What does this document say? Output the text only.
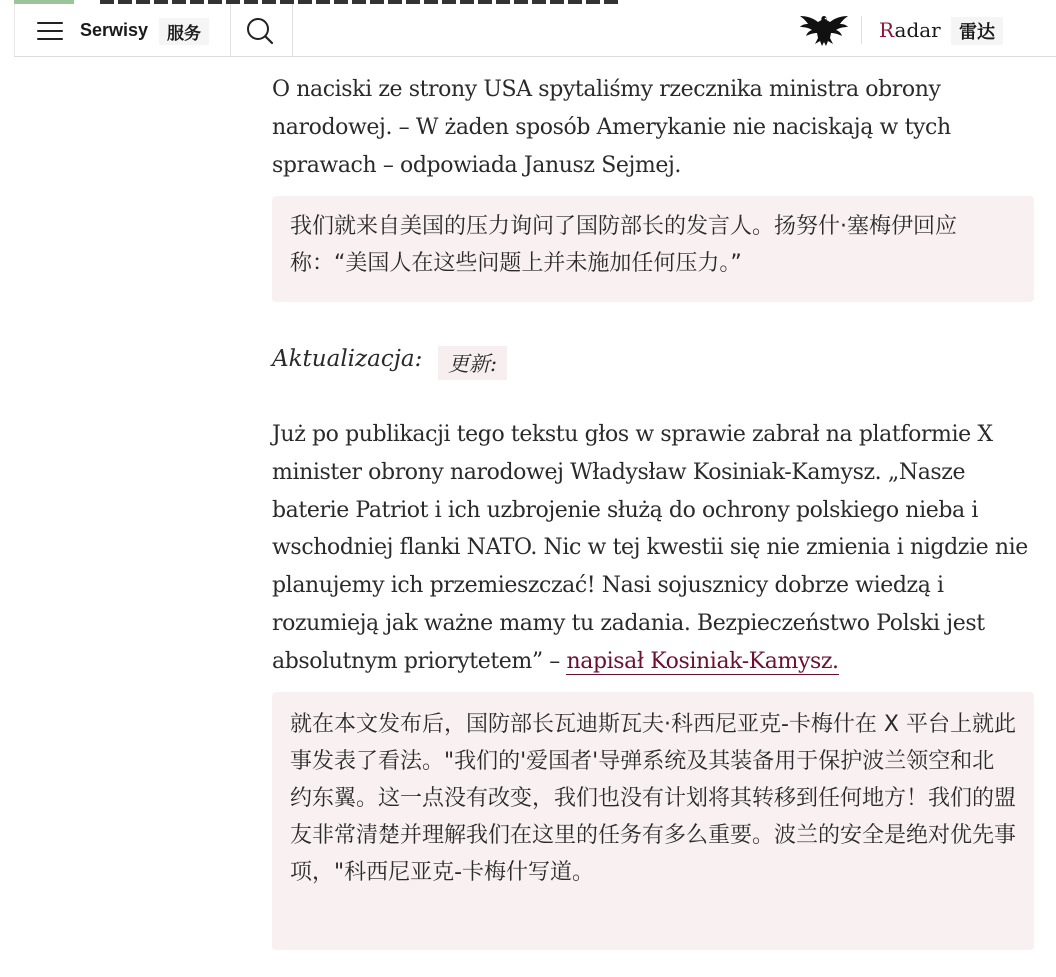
Serwisy	服务	Radar	雷达

O naciski ze strony USA spytaliśmy rzecznika ministra obrony narodowej. – W żaden sposób Amerykanie nie naciskają w tych sprawach – odpowiada Janusz Sejmej.

我们就来自美国的压力询问了国防部长的发言人。扬努什·塞梅伊回应称：“美国人在这些问题上并未施加任何压力。”
Aktualizacja:	更新:

Już po publikacji tego tekstu głos w sprawie zabrał na platformie X minister obrony narodowej Władysław Kosiniak-Kamysz. „Nasze baterie Patriot i ich uzbrojenie służą do ochrony polskiego nieba i wschodniej flanki NATO. Nic w tej kwestii się nie zmienia i nigdzie nie planujemy ich przemieszczać! Nasi sojusznicy dobrze wiedzą i rozumieją jak ważne mamy tu zadania. Bezpieczeństwo Polski jest absolutnym priorytetem” – napisał Kosiniak-Kamysz.

就在本文发布后，国防部长瓦迪斯瓦夫·科西尼亚克-卡梅什在 X 平台上就此事发表了看法。"我们的'爱国者'导弹系统及其装备用于保护波兰领空和北约东翼。这一点没有改变，我们也没有计划将其转移到任何地方！我们的盟友非常清楚并理解我们在这里的任务有多么重要。波兰的安全是绝对优先事项，"科西尼亚克-卡梅什写道。
